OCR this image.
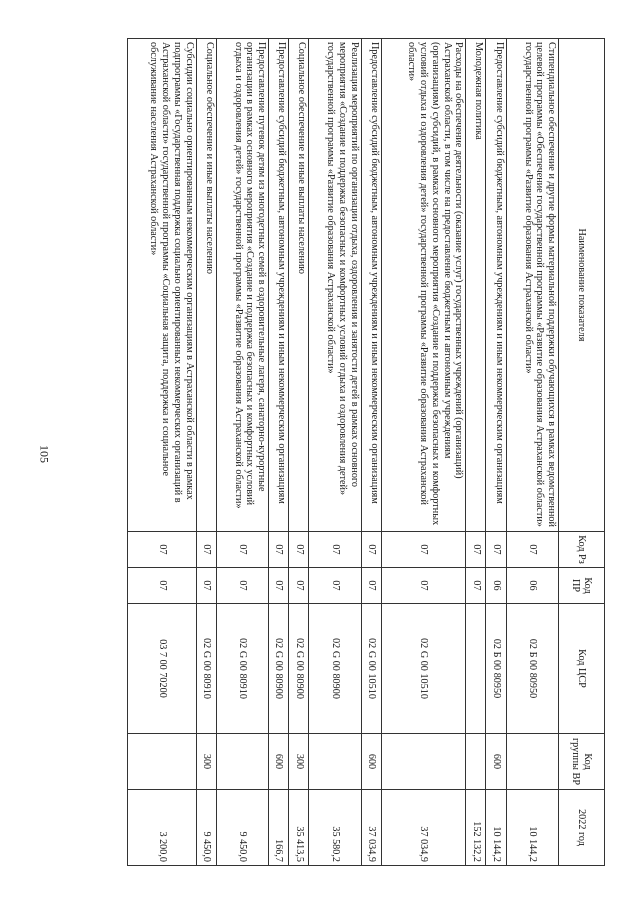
105
Наименование показателя	Код Рз	Код ПР	Код ЦСР	Код группы ВР	2022 год
Стипендиальное обеспечение и другие формы материальной поддержки обучающихся в рамках ведомственной целевой программы «Обеспечение государственной программы «Развитие образования Астраханской области» государственной программы «Развитие образования Астраханской области»	07	06	02 Б 00 80950		10 144,2
Предоставление субсидий бюджетным, автономным учреждениям и иным некоммерческим организациям	07	06	02 Б 00 80950	600	10 144,2
Молодежная политика	07	07			152 132,2
Расходы на обеспечение деятельности (оказание услуг) государственных учреждений (организаций) Астраханской области, в том числе на предоставление бюджетным и автономным учреждениям (организациям) субсидий, в рамках основного мероприятия «Создание и поддержка безопасных и комфортных условий отдыха и оздоровления детей» государственной программы «Развитие образования Астраханской области»	07	07	02 G 00 10510		37 034,9
Предоставление субсидий бюджетным, автономным учреждениям и иным некоммерческим организациям	07	07	02 G 00 10510	600	37 034,9
Реализация мероприятий по организации отдыха, оздоровления и занятости детей в рамках основного мероприятия «Создание и поддержка безопасных и комфортных условий отдыха и оздоровления детей» государственной программы «Развитие образования Астраханской области»	07	07	02 G 00 80900		35 580,2
Социальное обеспечение и иные выплаты населению	07	07	02 G 00 80900	300	35 413,5
Предоставление субсидий бюджетным, автономным учреждениям и иным некоммерческим организациям	07	07	02 G 00 80900	600	166,7
Предоставление путевок детям из многодетных семей в оздоровительные лагеря, санаторно-курортные организации в рамках основного мероприятия «Создание и поддержка безопасных и комфортных условий отдыха и оздоровления детей» государственной программы «Развитие образования Астраханской области»	07	07	02 G 00 80910		9 450,0
Социальное обеспечение и иные выплаты населению	07	07	02 G 00 80910	300	9 450,0
Субсидии социально ориентированным некоммерческим организациям в Астраханской области в рамках подпрограммы «Государственная поддержка социально ориентированных некоммерческих организаций в Астраханской области» государственной программы «Социальная защита, поддержка и социальное обслуживание населения Астраханской области»	07	07	03 7 00 70200		3 200,0
